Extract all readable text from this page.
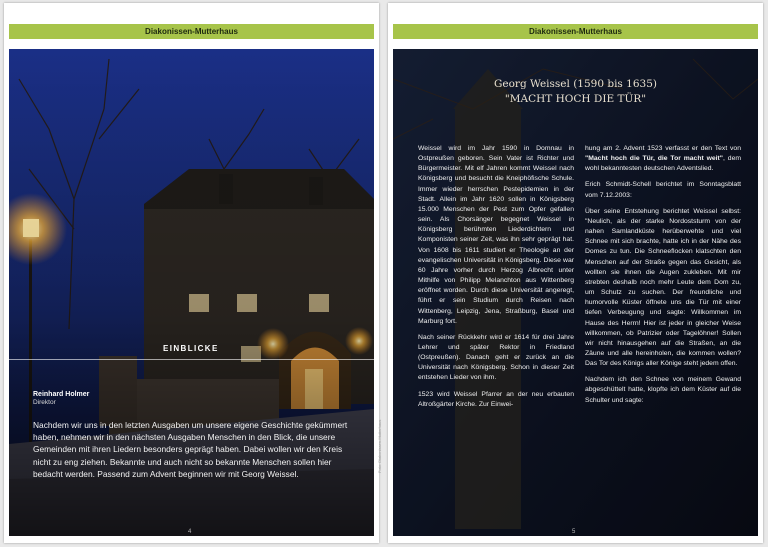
Diakonissen-Mutterhaus
EINBLICKE
Reinhard Holmer
Direktor
Nachdem wir uns in den letzten Ausgaben um unsere eigene Geschichte gekümmert haben, nehmen wir in den nächsten Ausgaben Menschen in den Blick, die unsere Gemeinden mit ihren Liedern besonders geprägt haben. Dabei wollen wir den Kreis nicht zu eng ziehen. Bekannte und auch nicht so bekannte Menschen sollen hier bedacht werden. Passend zum Advent beginnen wir mit Georg Weissel.
4
Foto: Diakonissen-Mutterhaus
Diakonissen-Mutterhaus
Georg Weissel (1590 bis 1635)
"MACHT HOCH DIE TÜR"

Weissel wird im Jahr 1590 in Domnau in Ostpreußen geboren. Sein Vater ist Richter und Bürgermeister. Mit elf Jahren kommt Weissel nach Königsberg und besucht die Kneiphöfische Schule. Immer wieder herrschen Pestepidemien in der Stadt. Allein im Jahr 1620 sollen in Königsberg 15.000 Menschen der Pest zum Opfer gefallen sein. Als Chorsänger begegnet Weissel in Königsberg berühmten Liederdichtern und Komponisten seiner Zeit, was ihn sehr geprägt hat. Von 1608 bis 1611 studiert er Theologie an der evangelischen Universität in Königsberg. Diese war 60 Jahre vorher durch Herzog Albrecht unter Mithilfe von Philipp Melanchton aus Wittenberg eröffnet worden. Durch diese Universität angeregt, führt er sein Studium durch Reisen nach Wittenberg, Leipzig, Jena, Straßburg, Basel und Marburg fort.

Nach seiner Rückkehr wird er 1614 für drei Jahre Lehrer und später Rektor in Friedland (Ostpreußen). Danach geht er zurück an die Universität nach Königsberg. Schon in dieser Zeit entstehen Lieder von ihm.

1523 wird Weissel Pfarrer an der neu erbauten Altroßgärter Kirche. Zur Einwei-

hung am 2. Advent 1523 verfasst er den Text von "Macht hoch die Tür, die Tor macht weit", dem wohl bekanntesten deutschen Adventslied.

Erich Schmidt-Schell berichtet im Sonntagsblatt vom 7.12.2003:

Über seine Entstehung berichtet Weissel selbst: "Neulich, als der starke Nordoststurm von der nahen Samlandküste herüberwehte und viel Schnee mit sich brachte, hatte ich in der Nähe des Domes zu tun. Die Schneeflocken klatschten den Menschen auf der Straße gegen das Gesicht, als wollten sie ihnen die Augen zukleben. Mit mir strebten deshalb noch mehr Leute dem Dom zu, um Schutz zu suchen. Der freundliche und humorvolle Küster öffnete uns die Tür mit einer tiefen Verbeugung und sagte: Willkommen im Hause des Herrn! Hier ist jeder in gleicher Weise willkommen, ob Patrizier oder Tagelöhner! Sollen wir nicht hinausgehen auf die Straßen, an die Zäune und alle hereinholen, die kommen wollen? Das Tor des Königs aller Könige steht jedem offen.

Nachdem ich den Schnee von meinem Gewand abgeschüttelt hatte, klopfte ich dem Küster auf die Schulter und sagte:

5
